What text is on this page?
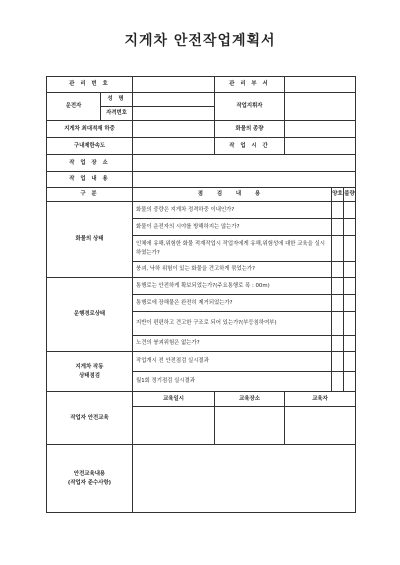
지게차 안전작업계획서
관 리 번 호			관 리 부 서			
운전자	성 명		작업지휘자			
	자격번호					
지게차 최대적재 하중			화물의 종량			
구내제한속도			작 업 시 간			
작 업 장 소						
작 업 내 용						
구 분		점 검 내 용			양호	불량
화물의 상태		화물의 중량은 지게차 정격하중 이내인가?				
		화물이 운전자의 시야를 방해하지는 않는가?				
		인체에 유해,위험한 화물 적재작업시 작업자에게 유해,위험성에 대한 교육을 실시하였는가?				
		붕괴, 낙하 위험이 있는 화물을 견고하게 묶었는가?				
운행경로상태		통행로는 안전하게 확보되었는가?(주요통행로 폭 : 00m)				
		통행로에 장해물은 완전히 제거되었는가?				
		지반이 편편하고 견고한 구조로 되어 있는가?(부등침하여부)				
		노견의 붕괴위험은 없는가?				
지게차 작동
상태점검		작업개시 전 안전점검 실시결과				
		월1회 정기점검 실시결과				
작업자 안전교육		교육일시	교육장소	교육자		

안전교육내용
(작업자 준수사항)						
